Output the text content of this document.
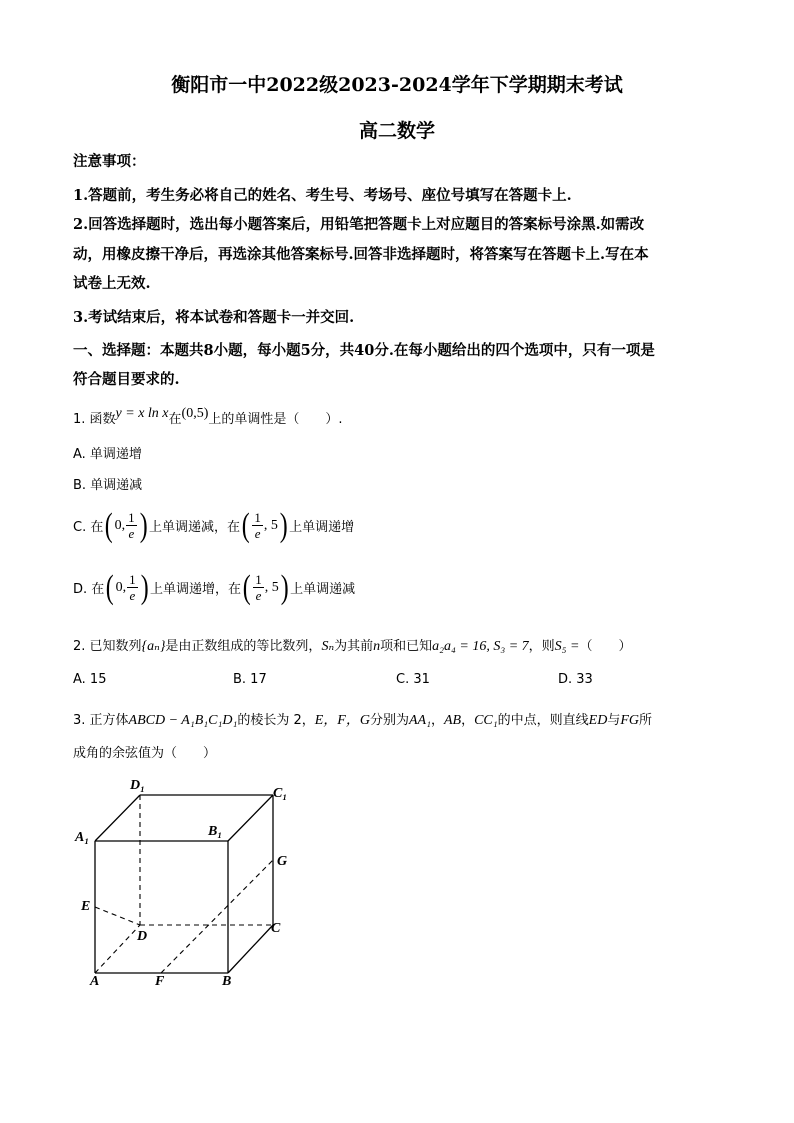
衡阳市一中2022级2023-2024学年下学期期末考试
高二数学
注意事项：
1.答题前，考生务必将自己的姓名、考生号、考场号、座位号填写在答题卡上.
2.回答选择题时，选出每小题答案后，用铅笔把答题卡上对应题目的答案标号涂黑.如需改
动，用橡皮擦干净后，再选涂其他答案标号.回答非选择题时，将答案写在答题卡上.写在本
试卷上无效.
3.考试结束后，将本试卷和答题卡一并交回.
一、选择题：本题共8小题，每小题5分，共40分.在每小题给出的四个选项中，只有一项是
符合题目要求的.
1. 函数y = x ln x在(0,5)上的单调性是（　　）.
A. 单调递增
B. 单调递减
C. 在 ( 0, $\frac{1}{e}$ ) 上单调递减，在 ( $\frac{1}{e}$ , 5 ) 上单调递增
D. 在 ( 0, $\frac{1}{e}$ ) 上单调递增，在 ( $\frac{1}{e}$ , 5 ) 上单调递减
2. 已知数列{aₙ}是由正数组成的等比数列，Sₙ为其前n项和已知a₂a₄ = 16, S₃ = 7，则S₅ =（　　）
A. 15	B. 17	C. 31	D. 33
3. 正方体ABCD − A₁B₁C₁D₁的棱长为 2，E，F，G分别为AA₁，AB，CC₁的中点，则直线ED与FG所
成角的余弦值为（　　）
D₁
C₁
A₁	B₁
G
E
D
C
A	F	B
